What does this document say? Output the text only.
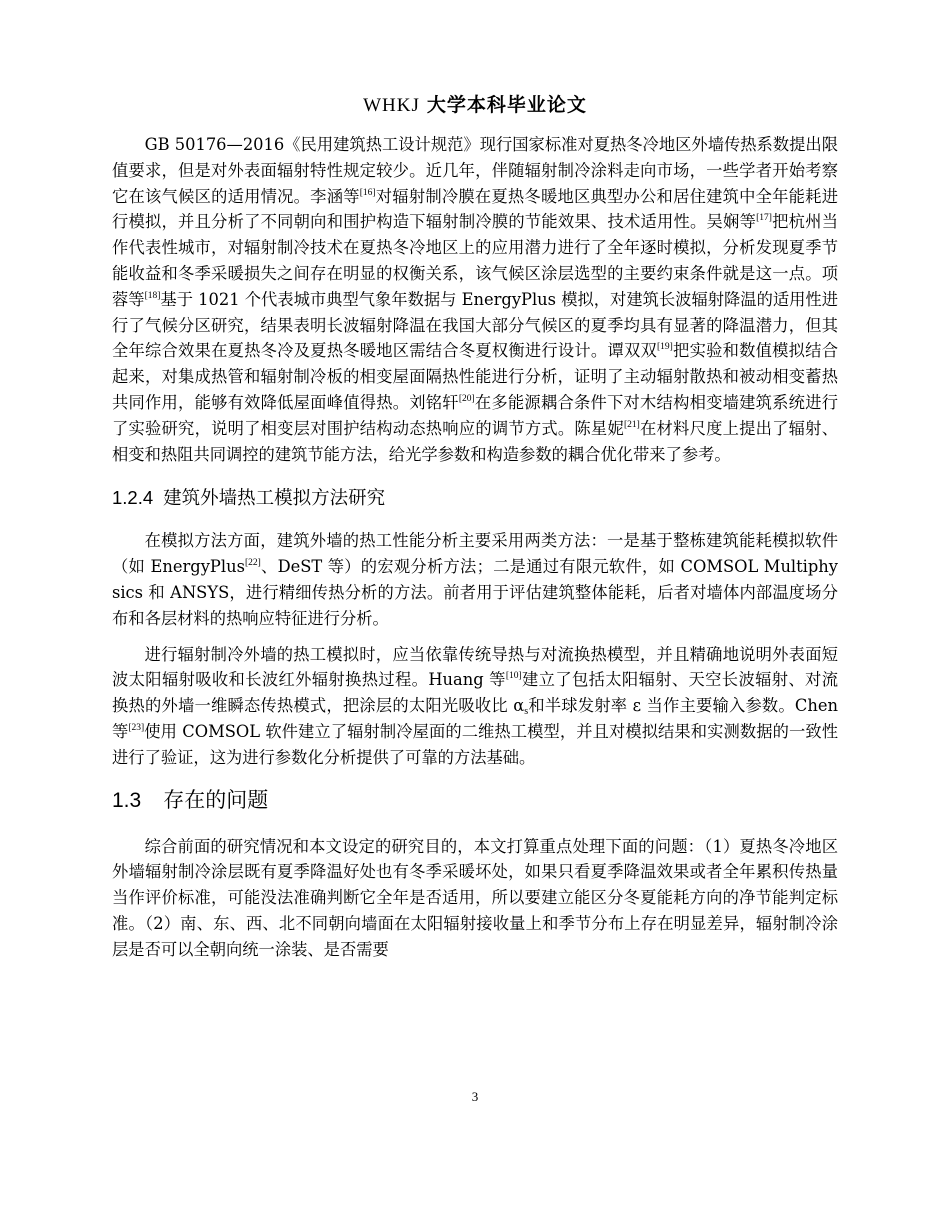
WHKJ 大学本科毕业论文

GB 50176—2016《民用建筑热工设计规范》现行国家标准对夏热冬冷地区外墙传热系数提出限值要求，但是对外表面辐射特性规定较少。近几年，伴随辐射制冷涂料走向市场，一些学者开始考察它在该气候区的适用情况。李涵等[16]对辐射制冷膜在夏热冬暖地区典型办公和居住建筑中全年能耗进行模拟，并且分析了不同朝向和围护构造下辐射制冷膜的节能效果、技术适用性。吴娴等[17]把杭州当作代表性城市，对辐射制冷技术在夏热冬冷地区上的应用潜力进行了全年逐时模拟，分析发现夏季节能收益和冬季采暖损失之间存在明显的权衡关系，该气候区涂层选型的主要约束条件就是这一点。项蓉等[18]基于 1021 个代表城市典型气象年数据与 EnergyPlus 模拟，对建筑长波辐射降温的适用性进行了气候分区研究，结果表明长波辐射降温在我国大部分气候区的夏季均具有显著的降温潜力，但其全年综合效果在夏热冬冷及夏热冬暖地区需结合冬夏权衡进行设计。谭双双[19]把实验和数值模拟结合起来，对集成热管和辐射制冷板的相变屋面隔热性能进行分析，证明了主动辐射散热和被动相变蓄热共同作用，能够有效降低屋面峰值得热。刘铭轩[20]在多能源耦合条件下对木结构相变墙建筑系统进行了实验研究，说明了相变层对围护结构动态热响应的调节方式。陈星妮[21]在材料尺度上提出了辐射、相变和热阻共同调控的建筑节能方法，给光学参数和构造参数的耦合优化带来了参考。

1.2.4 建筑外墙热工模拟方法研究

在模拟方法方面，建筑外墙的热工性能分析主要采用两类方法：一是基于整栋建筑能耗模拟软件（如 EnergyPlus[22]、DeST 等）的宏观分析方法；二是通过有限元软件，如 COMSOL Multiphysics 和 ANSYS，进行精细传热分析的方法。前者用于评估建筑整体能耗，后者对墙体内部温度场分布和各层材料的热响应特征进行分析。

进行辐射制冷外墙的热工模拟时，应当依靠传统导热与对流换热模型，并且精确地说明外表面短波太阳辐射吸收和长波红外辐射换热过程。Huang 等[10]建立了包括太阳辐射、天空长波辐射、对流换热的外墙一维瞬态传热模式，把涂层的太阳光吸收比 $\alpha_s$和半球发射率 ε 当作主要输入参数。Chen 等[23]使用 COMSOL 软件建立了辐射制冷屋面的二维热工模型，并且对模拟结果和实测数据的一致性进行了验证，这为进行参数化分析提供了可靠的方法基础。

1.3 存在的问题

综合前面的研究情况和本文设定的研究目的，本文打算重点处理下面的问题：（1）夏热冬冷地区外墙辐射制冷涂层既有夏季降温好处也有冬季采暖坏处，如果只看夏季降温效果或者全年累积传热量当作评价标准，可能没法准确判断它全年是否适用，所以要建立能区分冬夏能耗方向的净节能判定标准。（2）南、东、西、北不同朝向墙面在太阳辐射接收量上和季节分布上存在明显差异，辐射制冷涂层是否可以全朝向统一涂装、是否需要

3
